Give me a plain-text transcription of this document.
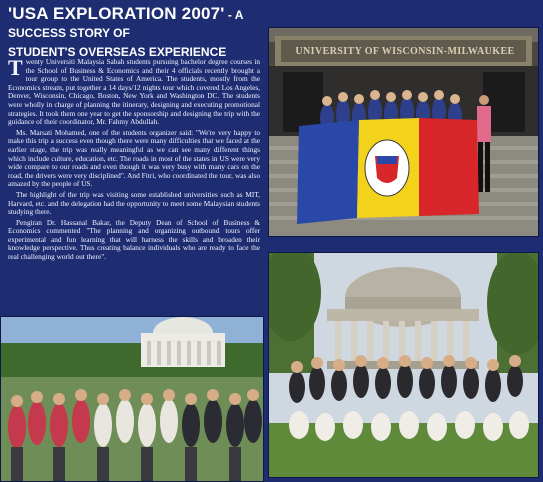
'USA EXPLORATION 2007' - A SUCCESS STORY OF
STUDENT'S OVERSEAS EXPERIENCE

Twenty Universiti Malaysia Sabah students pursuing bachelor degree courses in the School of Business & Economics and their 4 officials recently brought a tour group to the United States of America. The students, mostly from the Economics stream, put together a 14 days/12 nights tour which covered Los Angeles, Denver, Wisconsin, Chicago, Boston, New York and Washington DC. The students were wholly in charge of planning the itinerary, designing and executing promotional strategies. It took them one year to get the sponsorship and designing the trip with the guidance of their coordinator, Mr. Fahmy Abdullah.

Ms. Marsati Mohamed, one of the students organizer said: "We're very happy to make this trip a success even though there were many difficulties that we faced at the earlier stage, the trip was really meaningful as we can see many different things which include culture, education, etc. The roads in most of the states in US were very wide compare to our roads and even though it was very busy with many cars on the road, the drivers were very disciplined". And Fitri, who coordinated the tour, was also amazed by the people of US.

The highlight of the trip was visiting some established universities such as MIT, Harvard, etc. and the delegation had the opportunity to meet some Malaysian students studying there.

Pengiran Dr. Hassanal Bakar, the Deputy Dean of School of Business & Economics commented "The planning and organizing outbound tours offer experimental and fun learning that will harness the skills and broaden their knowledge perspective. Thus creating balance individuals who are ready to face the real challenging world out there".

UNIVERSITY OF WISCONSIN-MILWAUKEE
